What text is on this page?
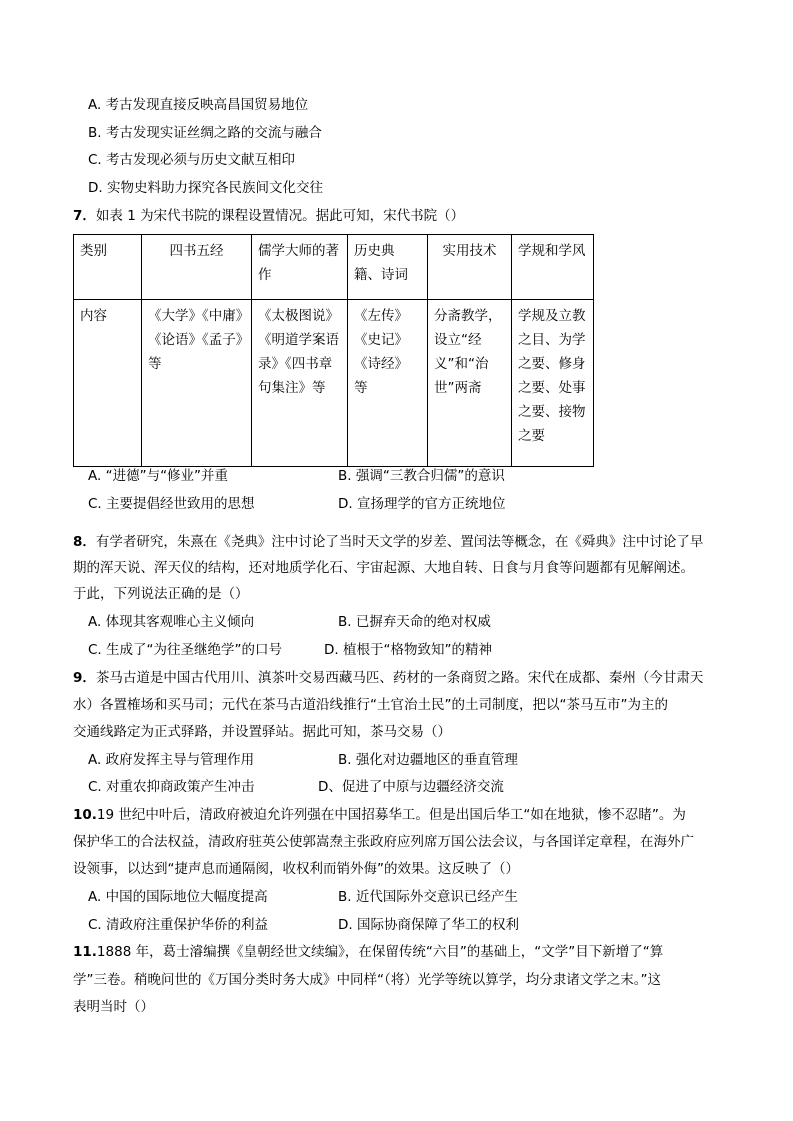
A. 考古发现直接反映高昌国贸易地位
B. 考古发现实证丝绸之路的交流与融合
C. 考古发现必须与历史文献互相印
D. 实物史料助力探究各民族间文化交往
7．如表 1 为宋代书院的课程设置情况。据此可知，宋代书院（）
类别	四书五经	儒学大师的著作	历史典籍、诗词	实用技术	学规和学风
内容	《大学》《中庸》《论语》《孟子》等	《太极图说》《明道学案语录》《四书章句集注》等	《左传》《史记》《诗经》等	分斋教学，设立“经义”和“治世”两斋	学规及立教之目、为学之要、修身之要、处事之要、接物之要
A. “进德”与“修业”并重	B. 强调“三教合归儒”的意识
C. 主要提倡经世致用的思想	D. 宣扬理学的官方正统地位
8．有学者研究，朱熹在《尧典》注中讨论了当时天文学的岁差、置闰法等概念，在《舜典》注中讨论了早
期的浑天说、浑天仪的结构，还对地质学化石、宇宙起源、大地自转、日食与月食等问题都有见解阐述。
于此，下列说法正确的是（）
A. 体现其客观唯心主义倾向	B. 已摒弃天命的绝对权威
C. 生成了“为往圣继绝学”的口号	D. 植根于“格物致知”的精神
9．茶马古道是中国古代用川、滇茶叶交易西藏马匹、药材的一条商贸之路。宋代在成都、秦州（今甘肃天
水）各置榷场和买马司；元代在茶马古道沿线推行“土官治土民”的土司制度，把以“茶马互市”为主的
交通线路定为正式驿路，并设置驿站。据此可知，茶马交易（）
A. 政府发挥主导与管理作用	B. 强化对边疆地区的垂直管理
C. 对重农抑商政策产生冲击	D、促进了中原与边疆经济交流
10.19 世纪中叶后，清政府被迫允许列强在中国招募华工。但是出国后华工“如在地狱，惨不忍睹”。为
保护华工的合法权益，清政府驻英公使郭嵩焘主张政府应列席万国公法会议，与各国详定章程，在海外广
设领事，以达到“捷声息而通隔阂，收权利而销外侮”的效果。这反映了（）
A. 中国的国际地位大幅度提高	B. 近代国际外交意识已经产生
C. 清政府注重保护华侨的利益	D. 国际协商保障了华工的权利
11.1888 年，葛士濬编撰《皇朝经世文续编》，在保留传统“六目”的基础上，“文学”目下新增了“算
学”三卷。稍晚问世的《万国分类时务大成》中同样“（将）光学等统以算学，均分隶诸文学之末。”这
表明当时（）
